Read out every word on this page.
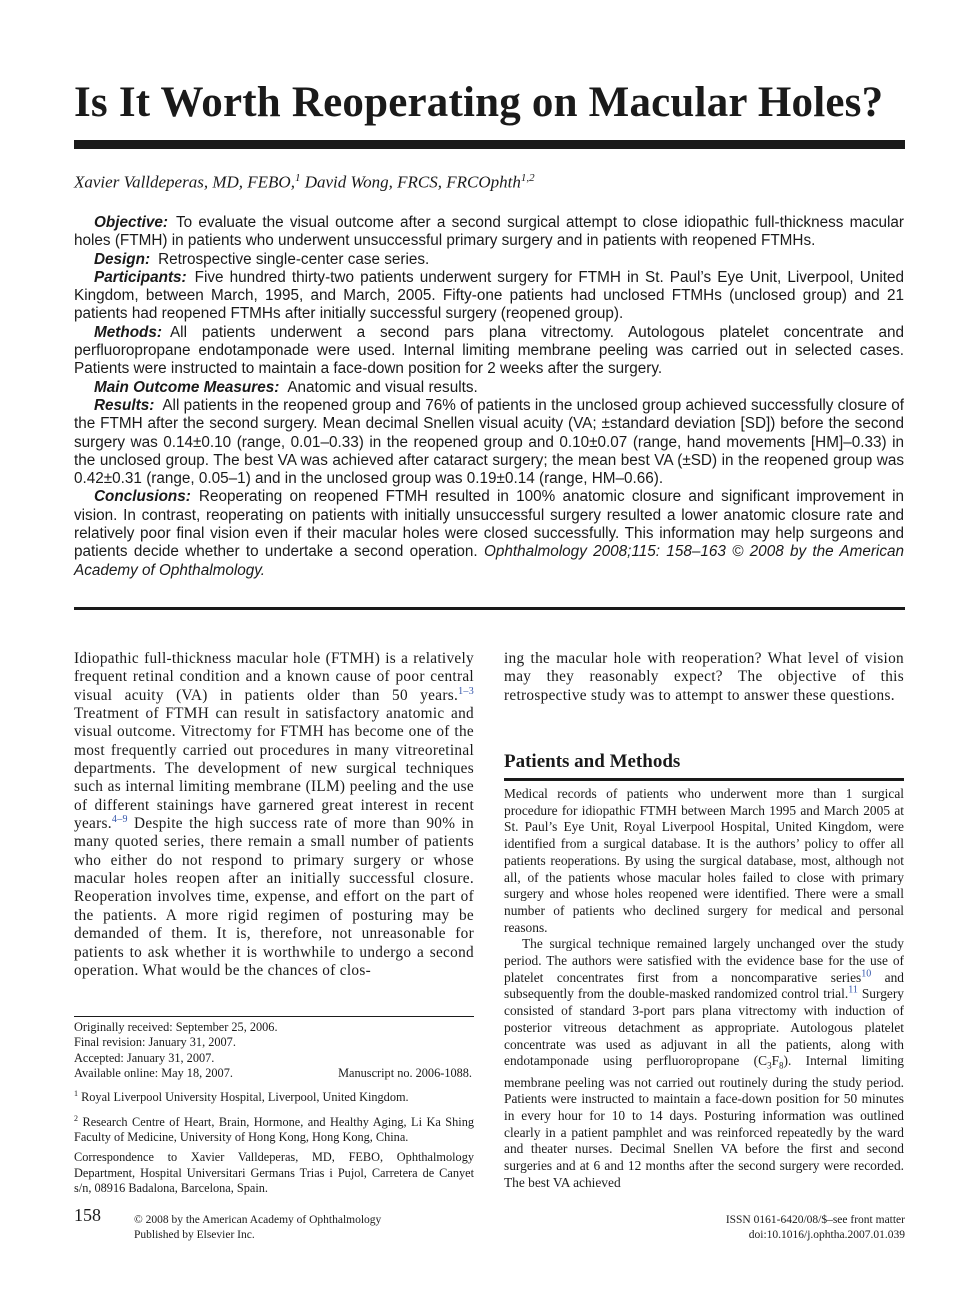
Is It Worth Reoperating on Macular Holes?
Xavier Valldeperas, MD, FEBO,$^1$ David Wong, FRCS, FRCOphth$^{1,2}$

Objective: To evaluate the visual outcome after a second surgical attempt to close idiopathic full-thickness macular holes (FTMH) in patients who underwent unsuccessful primary surgery and in patients with reopened FTMHs.

Design: Retrospective single-center case series.

Participants: Five hundred thirty-two patients underwent surgery for FTMH in St. Paul’s Eye Unit, Liverpool, United Kingdom, between March, 1995, and March, 2005. Fifty-one patients had unclosed FTMHs (unclosed group) and 21 patients had reopened FTMHs after initially successful surgery (reopened group).

Methods: All patients underwent a second pars plana vitrectomy. Autologous platelet concentrate and perfluoropropane endotamponade were used. Internal limiting membrane peeling was carried out in selected cases. Patients were instructed to maintain a face-down position for 2 weeks after the surgery.

Main Outcome Measures: Anatomic and visual results.

Results: All patients in the reopened group and 76% of patients in the unclosed group achieved successfully closure of the FTMH after the second surgery. Mean decimal Snellen visual acuity (VA; ±standard deviation [SD]) before the second surgery was 0.14±0.10 (range, 0.01–0.33) in the reopened group and 0.10±0.07 (range, hand movements [HM]–0.33) in the unclosed group. The best VA was achieved after cataract surgery; the mean best VA (±SD) in the reopened group was 0.42±0.31 (range, 0.05–1) and in the unclosed group was 0.19±0.14 (range, HM–0.66).

Conclusions: Reoperating on reopened FTMH resulted in 100% anatomic closure and significant improvement in vision. In contrast, reoperating on patients with initially unsuccessful surgery resulted a lower anatomic closure rate and relatively poor final vision even if their macular holes were closed successfully. This information may help surgeons and patients decide whether to undertake a second operation. Ophthalmology 2008;115: 158–163 © 2008 by the American Academy of Ophthalmology.

Idiopathic full-thickness macular hole (FTMH) is a relatively frequent retinal condition and a known cause of poor central visual acuity (VA) in patients older than 50 years.$^{1-3}$ Treatment of FTMH can result in satisfactory anatomic and visual outcome. Vitrectomy for FTMH has become one of the most frequently carried out procedures in many vitreoretinal departments. The development of new surgical techniques such as internal limiting membrane (ILM) peeling and the use of different stainings have garnered great interest in recent years.$^{4-9}$ Despite the high success rate of more than 90% in many quoted series, there remain a small number of patients who either do not respond to primary surgery or whose macular holes reopen after an initially successful closure. Reoperation involves time, expense, and effort on the part of the patients. A more rigid regimen of posturing may be demanded of them. It is, therefore, not unreasonable for patients to ask whether it is worthwhile to undergo a second operation. What would be the chances of clos-

ing the macular hole with reoperation? What level of vision may they reasonably expect? The objective of this retrospective study was to attempt to answer these questions.

Patients and Methods

Medical records of patients who underwent more than 1 surgical procedure for idiopathic FTMH between March 1995 and March 2005 at St. Paul’s Eye Unit, Royal Liverpool Hospital, United Kingdom, were identified from a surgical database. It is the authors’ policy to offer all patients reoperations. By using the surgical database, most, although not all, of the patients whose macular holes failed to close with primary surgery and whose holes reopened were identified. There were a small number of patients who declined surgery for medical and personal reasons.

The surgical technique remained largely unchanged over the study period. The authors were satisfied with the evidence base for the use of platelet concentrates first from a noncomparative series$^{10}$ and subsequently from the double-masked randomized control trial.$^{11}$ Surgery consisted of standard 3-port pars plana vitrectomy with induction of posterior vitreous detachment as appropriate. Autologous platelet concentrate was used as adjuvant in all the patients, along with endotamponade using perfluoropropane $(C_3F_8)$. Internal limiting membrane peeling was not carried out routinely during the study period. Patients were instructed to maintain a face-down position for 50 minutes in every hour for 10 to 14 days. Posturing information was outlined clearly in a patient pamphlet and was reinforced repeatedly by the ward and theater nurses. Decimal Snellen VA before the first and second surgeries and at 6 and 12 months after the second surgery were recorded. The best VA achieved

Originally received: September 25, 2006.

Final revision: January 31, 2007.

Accepted: January 31, 2007.

Available online: May 18, 2007.	Manuscript no. 2006-1088.

$^1$ Royal Liverpool University Hospital, Liverpool, United Kingdom.

$^2$ Research Centre of Heart, Brain, Hormone, and Healthy Aging, Li Ka Shing Faculty of Medicine, University of Hong Kong, Hong Kong, China.

Correspondence to Xavier Valldeperas, MD, FEBO, Ophthalmology Department, Hospital Universitari Germans Trias i Pujol, Carretera de Canyet s/n, 08916 Badalona, Barcelona, Spain.

158	© 2008 by the American Academy of Ophthalmology
Published by Elsevier Inc.
ISSN 0161-6420/08/$–see front matter
doi:10.1016/j.ophtha.2007.01.039
